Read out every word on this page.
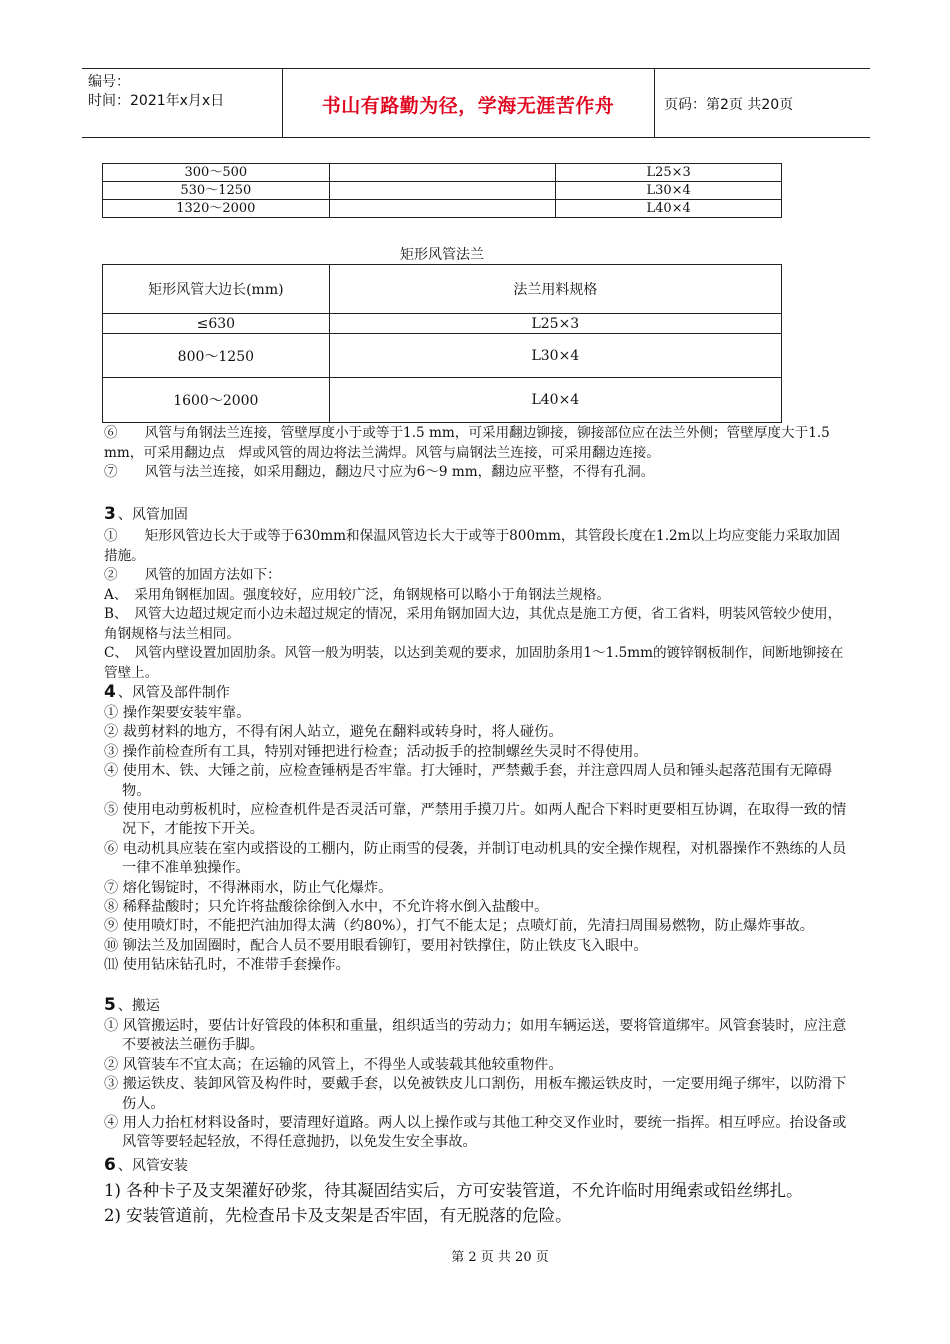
编号：
时间：2021年x月x日	书山有路勤为径，学海无涯苦作舟	页码：第2页 共20页
300～500		L25×3
530～1250		L30×4
1320～2000		L40×4
矩形风管法兰
矩形风管大边长(mm)	法兰用料规格
≤630	L25×3
800～1250	L30×4
1600～2000	L40×4

⑥　　风管与角钢法兰连接，管壁厚度小于或等于1.5 mm，可采用翻边铆接，铆接部位应在法兰外侧；管壁厚度大于1.5 mm，可采用翻边点　焊或风管的周边将法兰满焊。风管与扁钢法兰连接，可采用翻边连接。

⑦　　风管与法兰连接，如采用翻边，翻边尺寸应为6～9 mm，翻边应平整，不得有孔洞。

3 、风管加固

①　　矩形风管边长大于或等于630mm和保温风管边长大于或等于800mm，其管段长度在1.2m以上均应变能力采取加固措施。

②　　风管的加固方法如下：

A、　采用角钢框加固。强度较好，应用较广泛，角钢规格可以略小于角钢法兰规格。

B、　风管大边超过规定而小边未超过规定的情况，采用角钢加固大边，其优点是施工方便，省工省料，明装风管较少使用，角钢规格与法兰相同。

C、　风管内壁设置加固肋条。风管一般为明装，以达到美观的要求，加固肋条用1～1.5mm的镀锌钢板制作，间断地铆接在管壁上。

4 、风管及部件制作

① 操作架要安装牢靠。

② 裁剪材料的地方，不得有闲人站立，避免在翻料或转身时，将人碰伤。

③ 操作前检查所有工具，特别对锤把进行检查；活动扳手的控制螺丝失灵时不得使用。

④ 使用木、铁、大锤之前，应检查锤柄是否牢靠。打大锤时，严禁戴手套，并注意四周人员和锤头起落范围有无障碍物。

⑤ 使用电动剪板机时，应检查机件是否灵活可靠，严禁用手摸刀片。如两人配合下料时更要相互协调，在取得一致的情况下，才能按下开关。

⑥ 电动机具应装在室内或搭设的工棚内，防止雨雪的侵袭，并制订电动机具的安全操作规程，对机器操作不熟练的人员一律不准单独操作。

⑦ 熔化锡锭时，不得淋雨水，防止气化爆炸。

⑧ 稀释盐酸时；只允许将盐酸徐徐倒入水中，不允许将水倒入盐酸中。

⑨ 使用喷灯时，不能把汽油加得太满（约80%），打气不能太足；点喷灯前，先清扫周围易燃物，防止爆炸事故。

⑩ 铆法兰及加固圈时，配合人员不要用眼看铆钉，要用衬铁撑住，防止铁皮飞入眼中。

⑾ 使用钻床钻孔时，不准带手套操作。

5 、搬运

① 风管搬运时，要估计好管段的体积和重量，组织适当的劳动力；如用车辆运送，要将管道绑牢。风管套装时，应注意不要被法兰砸伤手脚。

② 风管装车不宜太高；在运输的风管上，不得坐人或装载其他较重物件。

③ 搬运铁皮、装卸风管及构件时，要戴手套，以免被铁皮儿口割伤，用板车搬运铁皮时，一定要用绳子绑牢，以防滑下伤人。

④ 用人力抬杠材料设备时，要清理好道路。两人以上操作或与其他工种交叉作业时，要统一指挥。相互呼应。抬设备或风管等要轻起轻放，不得任意抛扔，以免发生安全事故。

6 、风管安装

1) 各种卡子及支架灌好砂浆，待其凝固结实后，方可安装管道，不允许临时用绳索或铅丝绑扎。

2) 安装管道前，先检查吊卡及支架是否牢固，有无脱落的危险。

第 2 页 共 20 页
